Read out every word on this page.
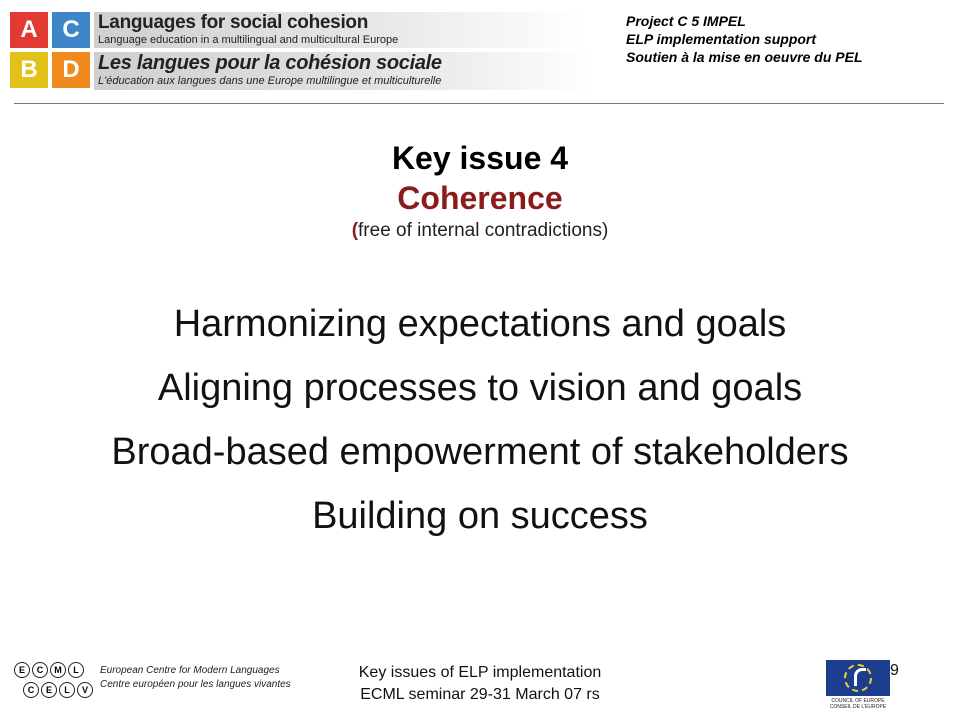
A	C
B	D
Languages for social cohesion
Language education in a multilingual and multicultural Europe
Les langues pour la cohésion sociale
L'éducation aux langues dans une Europe multilingue et multiculturelle
Project C 5 IMPEL
ELP implementation support
Soutien à la mise en oeuvre du PEL
Key issue 4
Coherence
(free of internal contradictions)
Harmonizing expectations and goals
Aligning processes to vision and goals
Broad-based empowerment of stakeholders
Building on success
E	C	M	L
C	E	L	V
European Centre for Modern Languages
Centre européen pour les langues vivantes
Key issues of ELP implementation
ECML seminar 29-31 March 07 rs	COUNCIL OF EUROPE CONSEIL DE L'EUROPE
9
